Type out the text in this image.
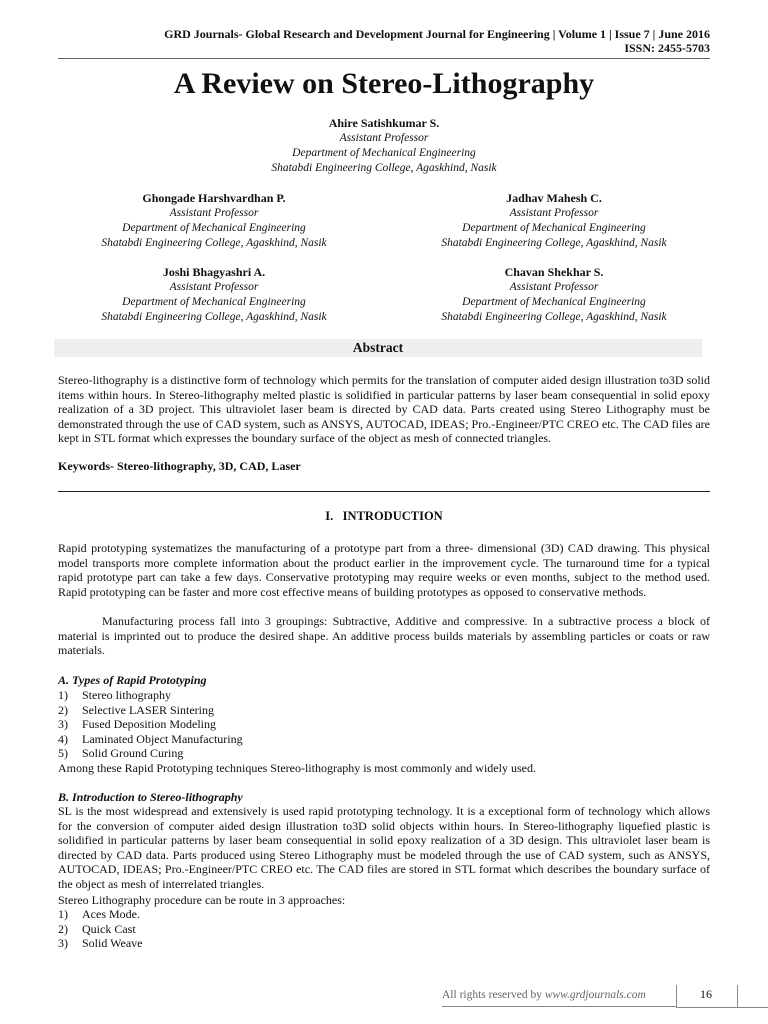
GRD Journals- Global Research and Development Journal for Engineering | Volume 1 | Issue 7 | June 2016
ISSN: 2455-5703
A Review on Stereo-Lithography
Ahire Satishkumar S.
Assistant Professor
Department of Mechanical Engineering
Shatabdi Engineering College, Agaskhind, Nasik
Ghongade Harshvardhan P.
Assistant Professor
Department of Mechanical Engineering
Shatabdi Engineering College, Agaskhind, Nasik
Jadhav Mahesh C.
Assistant Professor
Department of Mechanical Engineering
Shatabdi Engineering College, Agaskhind, Nasik
Joshi Bhagyashri A.
Assistant Professor
Department of Mechanical Engineering
Shatabdi Engineering College, Agaskhind, Nasik
Chavan Shekhar S.
Assistant Professor
Department of Mechanical Engineering
Shatabdi Engineering College, Agaskhind, Nasik
Abstract

Stereo-lithography is a distinctive form of technology which permits for the translation of computer aided design illustration to3D solid items within hours. In Stereo-lithography melted plastic is solidified in particular patterns by laser beam consequential in solid epoxy realization of a 3D project. This ultraviolet laser beam is directed by CAD data. Parts created using Stereo Lithography must be demonstrated through the use of CAD system, such as ANSYS, AUTOCAD, IDEAS; Pro.-Engineer/PTC CREO etc. The CAD files are kept in STL format which expresses the boundary surface of the object as mesh of connected triangles.

Keywords- Stereo-lithography, 3D, CAD, Laser
I. INTRODUCTION

Rapid prototyping systematizes the manufacturing of a prototype part from a three- dimensional (3D) CAD drawing. This physical model transports more complete information about the product earlier in the improvement cycle. The turnaround time for a typical rapid prototype part can take a few days. Conservative prototyping may require weeks or even months, subject to the method used. Rapid prototyping can be faster and more cost effective means of building prototypes as opposed to conservative methods.

Manufacturing process fall into 3 groupings: Subtractive, Additive and compressive. In a subtractive process a block of material is imprinted out to produce the desired shape. An additive process builds materials by assembling particles or coats or raw materials.

A. Types of Rapid Prototyping
1)	Stereo lithography
2)	Selective LASER Sintering
3)	Fused Deposition Modeling
4)	Laminated Object Manufacturing
5)	Solid Ground Curing

Among these Rapid Prototyping techniques Stereo-lithography is most commonly and widely used.

B. Introduction to Stereo-lithography

SL is the most widespread and extensively is used rapid prototyping technology. It is a exceptional form of technology which allows for the conversion of computer aided design illustration to3D solid objects within hours. In Stereo-lithography liquefied plastic is solidified in particular patterns by laser beam consequential in solid epoxy realization of a 3D design. This ultraviolet laser beam is directed by CAD data. Parts produced using Stereo Lithography must be modeled through the use of CAD system, such as ANSYS, AUTOCAD, IDEAS; Pro.-Engineer/PTC CREO etc. The CAD files are stored in STL format which describes the boundary surface of the object as mesh of interrelated triangles.

Stereo Lithography procedure can be route in 3 approaches:

1)	Aces Mode.
2)	Quick Cast
3)	Solid Weave
All rights reserved by www.grdjournals.com	16
